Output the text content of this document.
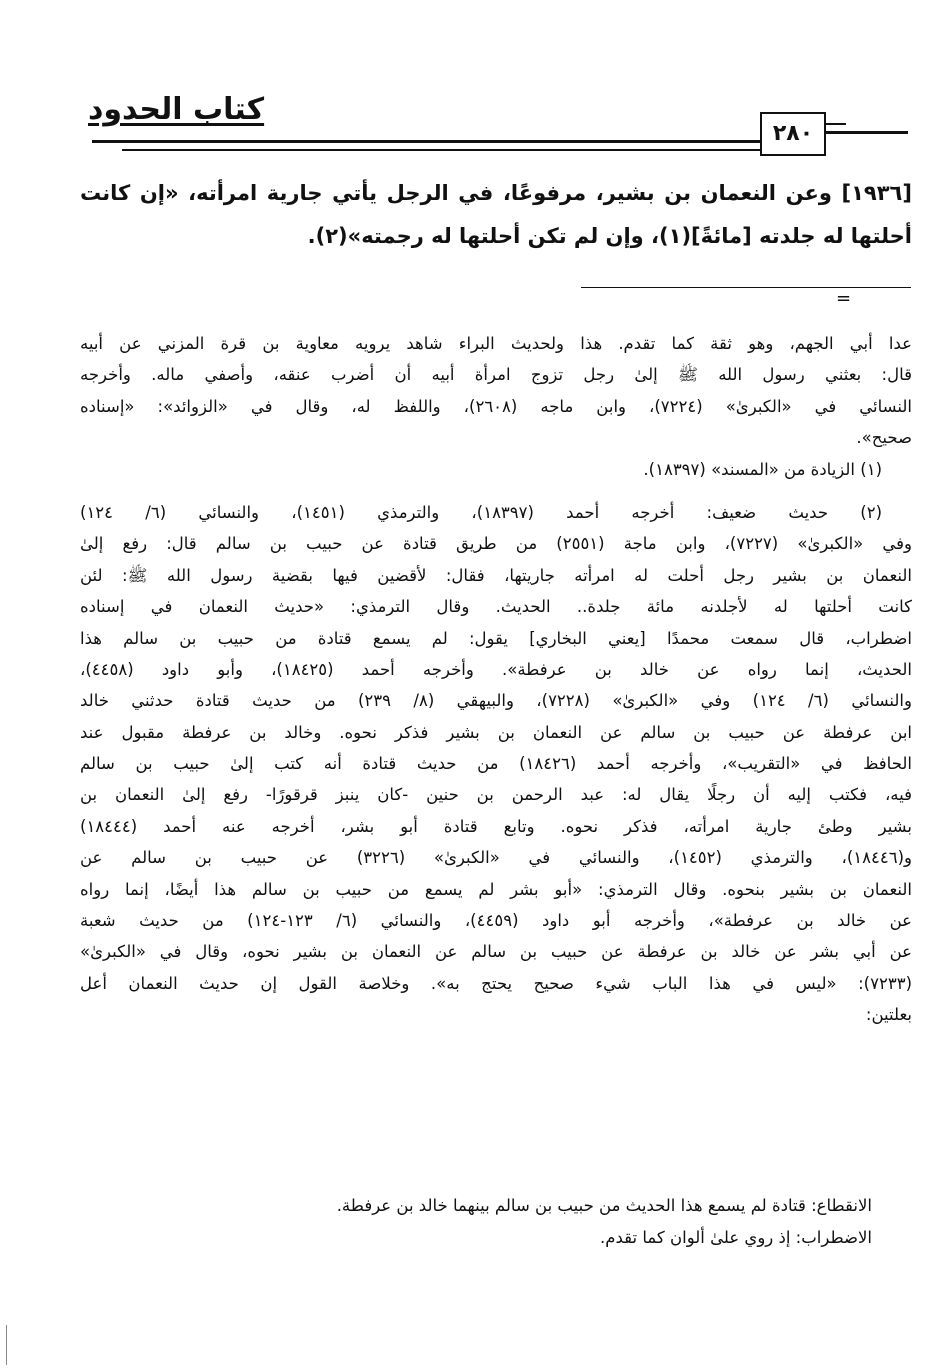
كتاب الحدود
٢٨٠
[١٩٣٦] وعن النعمان بن بشير، مرفوعًا، في الرجل يأتي جارية امرأته، «إن كانت
أحلتها له جلدته [مائةً](١)، وإن لم تكن أحلتها له رجمته»(٢).
=
عدا أبي الجهم، وهو ثقة كما تقدم. هذا ولحديث البراء شاهد يرويه معاوية بن قرة المزني عن أبيه
قال: بعثني رسول الله ﷺ إلىٰ رجل تزوج امرأة أبيه أن أضرب عنقه، وأصفي ماله. وأخرجه
النسائي في «الكبرىٰ» (٧٢٢٤)، وابن ماجه (٢٦٠٨)، واللفظ له، وقال في «الزوائد»: «إسناده
صحيح».
(١) الزيادة من «المسند» (١٨٣٩٧).
(٢) حديث ضعيف: أخرجه أحمد (١٨٣٩٧)، والترمذي (١٤٥١)، والنسائي (٦/ ١٢٤)
وفي «الكبرىٰ» (٧٢٢٧)، وابن ماجة (٢٥٥١) من طريق قتادة عن حبيب بن سالم قال: رفع إلىٰ
النعمان بن بشير رجل أحلت له امرأته جاريتها، فقال: لأقضين فيها بقضية رسول الله ﷺ: لئن
كانت أحلتها له لأجلدنه مائة جلدة.. الحديث. وقال الترمذي: «حديث النعمان في إسناده
اضطراب، قال سمعت محمدًا [يعني البخاري] يقول: لم يسمع قتادة من حبيب بن سالم هذا
الحديث، إنما رواه عن خالد بن عرفطة». وأخرجه أحمد (١٨٤٢٥)، وأبو داود (٤٤٥٨)،
والنسائي (٦/ ١٢٤) وفي «الكبرىٰ» (٧٢٢٨)، والبيهقي (٨/ ٢٣٩) من حديث قتادة حدثني خالد
ابن عرفطة عن حبيب بن سالم عن النعمان بن بشير فذكر نحوه. وخالد بن عرفطة مقبول عند
الحافظ في «التقريب»، وأخرجه أحمد (١٨٤٢٦) من حديث قتادة أنه كتب إلىٰ حبيب بن سالم
فيه، فكتب إليه أن رجلًا يقال له: عبد الرحمن بن حنين -كان ينبز قرقورًا- رفع إلىٰ النعمان بن
بشير وطئ جارية امرأته، فذكر نحوه. وتابع قتادة أبو بشر، أخرجه عنه أحمد (١٨٤٤٤)
و(١٨٤٤٦)، والترمذي (١٤٥٢)، والنسائي في «الكبرىٰ» (٣٢٢٦) عن حبيب بن سالم عن
النعمان بن بشير بنحوه. وقال الترمذي: «أبو بشر لم يسمع من حبيب بن سالم هذا أيضًا، إنما رواه
عن خالد بن عرفطة»، وأخرجه أبو داود (٤٤٥٩)، والنسائي (٦/ ١٢٣-١٢٤) من حديث شعبة
عن أبي بشر عن خالد بن عرفطة عن حبيب بن سالم عن النعمان بن بشير نحوه، وقال في «الكبرىٰ»
(٧٢٣٣): «ليس في هذا الباب شيء صحيح يحتج به». وخلاصة القول إن حديث النعمان أعل
بعلتين:
الانقطاع: قتادة لم يسمع هذا الحديث من حبيب بن سالم بينهما خالد بن عرفطة.
الاضطراب: إذ روي علىٰ ألوان كما تقدم.
